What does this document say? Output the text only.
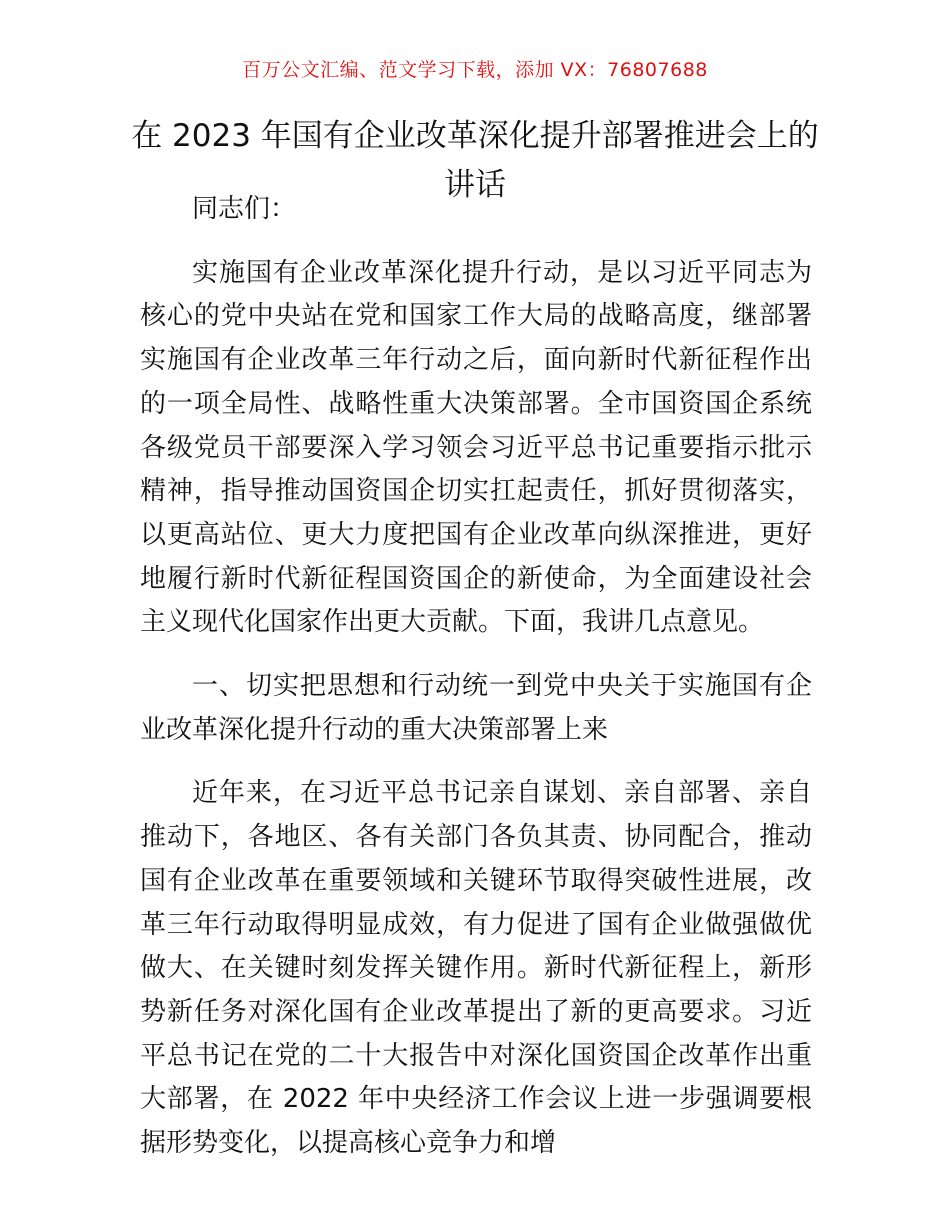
百万公文汇编、范文学习下载，添加 VX：76807688
在 2023 年国有企业改革深化提升部署推进会上的讲话

同志们：

实施国有企业改革深化提升行动，是以习近平同志为核心的党中央站在党和国家工作大局的战略高度，继部署实施国有企业改革三年行动之后，面向新时代新征程作出的一项全局性、战略性重大决策部署。全市国资国企系统各级党员干部要深入学习领会习近平总书记重要指示批示精神，指导推动国资国企切实扛起责任，抓好贯彻落实，以更高站位、更大力度把国有企业改革向纵深推进，更好地履行新时代新征程国资国企的新使命，为全面建设社会主义现代化国家作出更大贡献。下面，我讲几点意见。

一、切实把思想和行动统一到党中央关于实施国有企业改革深化提升行动的重大决策部署上来

近年来，在习近平总书记亲自谋划、亲自部署、亲自推动下，各地区、各有关部门各负其责、协同配合，推动国有企业改革在重要领域和关键环节取得突破性进展，改革三年行动取得明显成效，有力促进了国有企业做强做优做大、在关键时刻发挥关键作用。新时代新征程上，新形势新任务对深化国有企业改革提出了新的更高要求。习近平总书记在党的二十大报告中对深化国资国企改革作出重大部署，在 2022 年中央经济工作会议上进一步强调要根据形势变化，以提高核心竞争力和增
